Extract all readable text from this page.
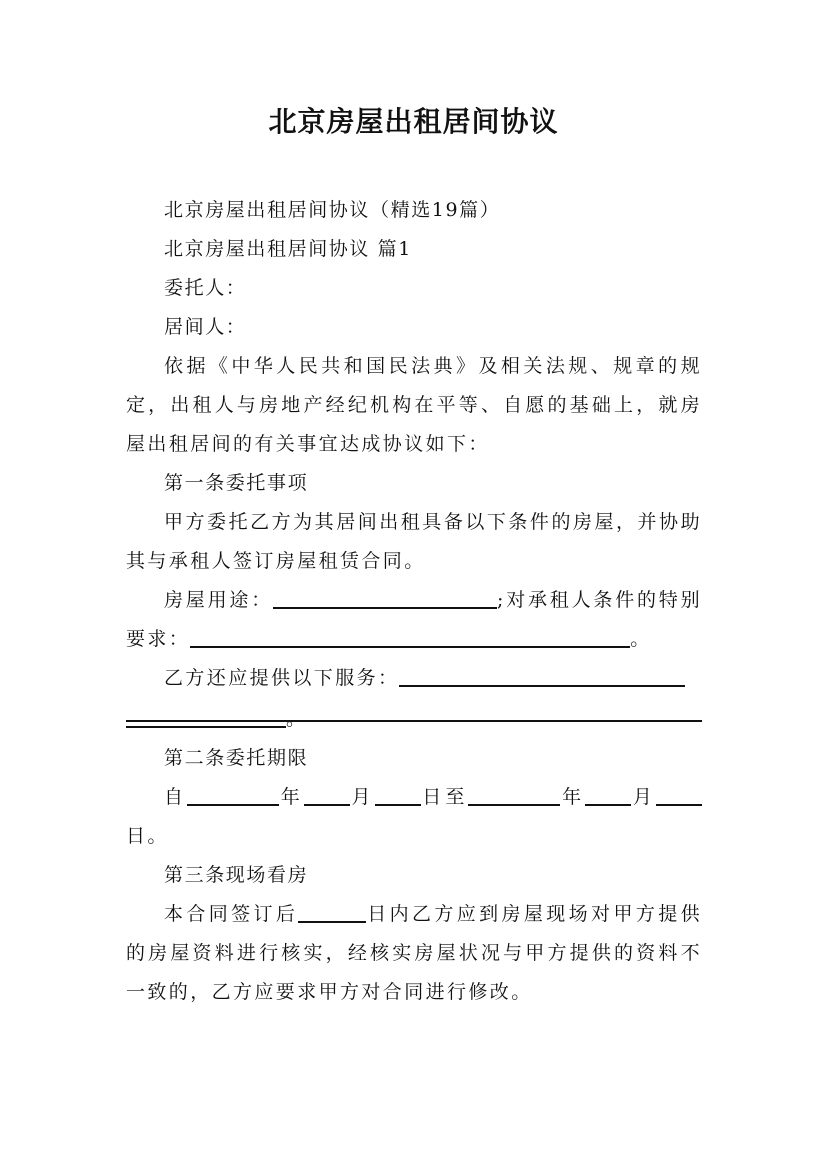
北京房屋出租居间协议

北京房屋出租居间协议（精选19篇）

北京房屋出租居间协议 篇1

委托人：

居间人：

依据《中华人民共和国民法典》及相关法规、规章的规定，出租人与房地产经纪机构在平等、自愿的基础上，就房屋出租居间的有关事宜达成协议如下：

第一条委托事项

甲方委托乙方为其居间出租具备以下条件的房屋，并协助其与承租人签订房屋租赁合同。

房屋用途：	;对承租人条件的特别要求：	。

乙方还应提供以下服务：

。

第二条委托期限

自	年 月 日至	年 月日。

第三条现场看房

本合同签订后	日内乙方应到房屋现场对甲方提供的房屋资料进行核实，经核实房屋状况与甲方提供的资料不一致的，乙方应要求甲方对合同进行修改。
